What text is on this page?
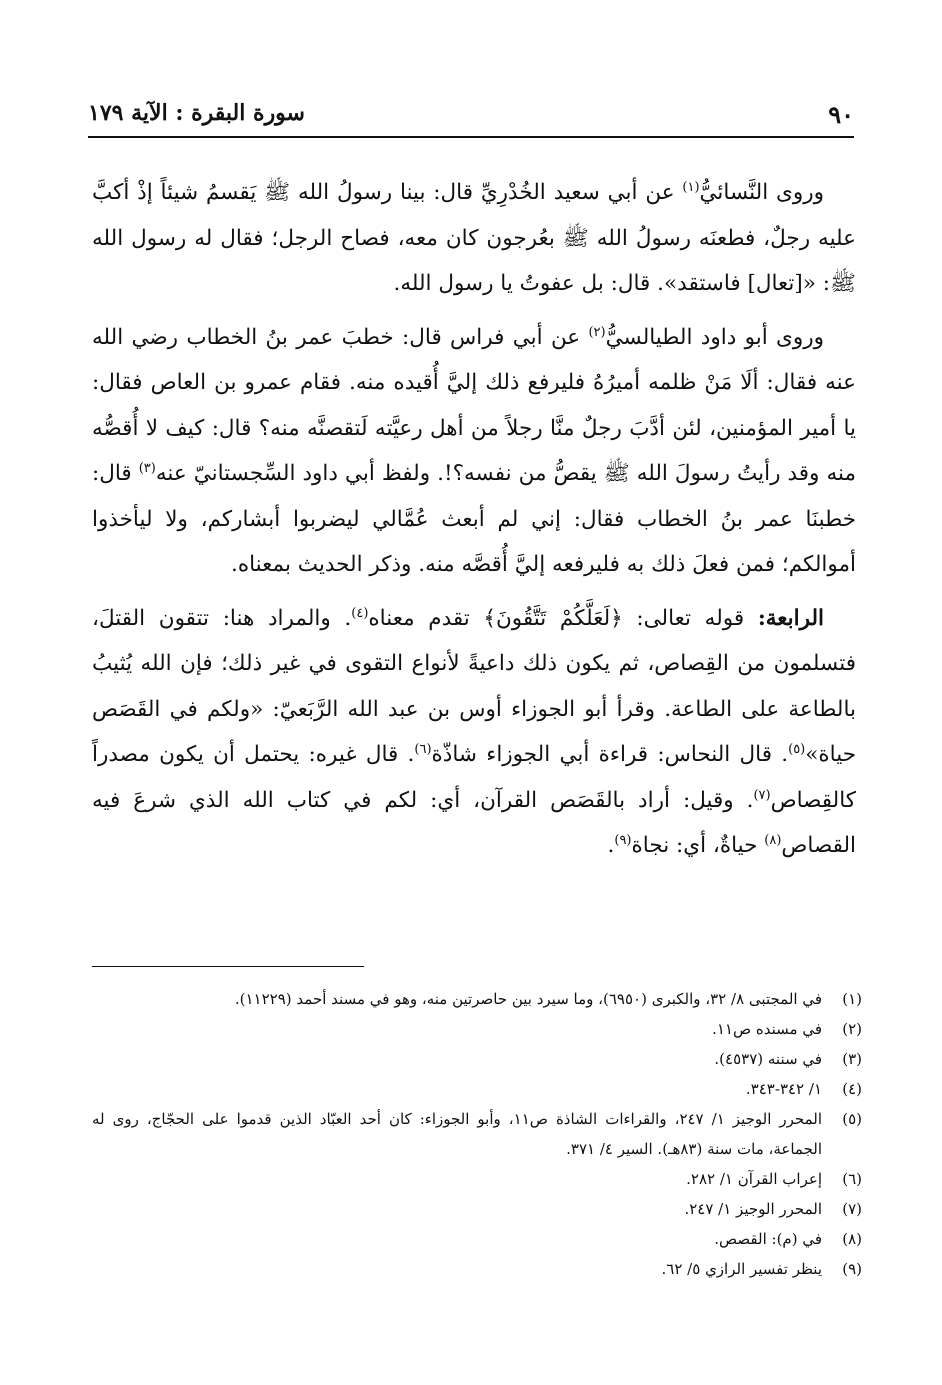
٩٠
سورة البقرة : الآية ١٧٩

وروى النَّسائيُّ$^{(١)}$ عن أبي سعيد الخُدْرِيِّ قال: بينا رسولُ الله ﷺ يَقسمُ شيئاً إذْ أكبَّ عليه رجلٌ، فطعنَه رسولُ الله ﷺ بعُرجون كان معه، فصاح الرجل؛ فقال له رسول الله ﷺ: «[تعال] فاستقد». قال: بل عفوتُ يا رسول الله.

وروى أبو داود الطيالسيُّ$^{(٢)}$ عن أبي فراس قال: خطبَ عمر بنُ الخطاب رضي الله عنه فقال: ألَا مَنْ ظلمه أميرُهُ فليرفع ذلك إليَّ أُقيده منه. فقام عمرو بن العاص فقال: يا أمير المؤمنين، لئن أدَّبَ رجلٌ منَّا رجلاً من أهل رعيَّته لَتقصنَّه منه؟ قال: كيف لا أُقصُّه منه وقد رأيتُ رسولَ الله ﷺ يقصُّ من نفسه؟!. ولفظ أبي داود السِّجستانيّ عنه$^{(٣)}$ قال: خطبنَا عمر بنُ الخطاب فقال: إني لم أبعث عُمَّالي ليضربوا أبشاركم، ولا ليأخذوا أموالكم؛ فمن فعلَ ذلك به فليرفعه إليَّ أُقصَّه منه. وذكر الحديث بمعناه.

الرابعة: قوله تعالى: ﴿لَعَلَّكُمْ تَتَّقُونَ﴾ تقدم معناه$^{(٤)}$. والمراد هنا: تتقون القتلَ، فتسلمون من القِصاص، ثم يكون ذلك داعيةً لأنواع التقوى في غير ذلك؛ فإن الله يُثيبُ بالطاعة على الطاعة. وقرأ أبو الجوزاء أوس بن عبد الله الرَّبَعيّ: «ولكم في القَصَص حياة»$^{(٥)}$. قال النحاس: قراءة أبي الجوزاء شاذّة$^{(٦)}$. قال غيره: يحتمل أن يكون مصدراً كالقِصاص$^{(٧)}$. وقيل: أراد بالقَصَص القرآن، أي: لكم في كتاب الله الذي شرعَ فيه القصاص$^{(٨)}$ حياةٌ، أي: نجاة$^{(٩)}$.

(١)
في المجتبى ٨/ ٣٢، والكبرى (٦٩٥٠)، وما سيرد بين حاصرتين منه، وهو في مسند أحمد (١١٢٢٩).
(٢)
في مسنده ص١١.
(٣)
في سننه (٤٥٣٧).
(٤)
١/ ٣٤٢-٣٤٣.
(٥)
المحرر الوجيز ١/ ٢٤٧، والقراءات الشاذة ص١١، وأبو الجوزاء: كان أحد العبّاد الذين قدموا على الحجّاج، روى له الجماعة، مات سنة (٨٣هـ). السير ٤/ ٣٧١.
(٦)
إعراب القرآن ١/ ٢٨٢.
(٧)
المحرر الوجيز ١/ ٢٤٧.
(٨)
في (م): القصص.
(٩)
ينظر تفسير الرازي ٥/ ٦٢.
